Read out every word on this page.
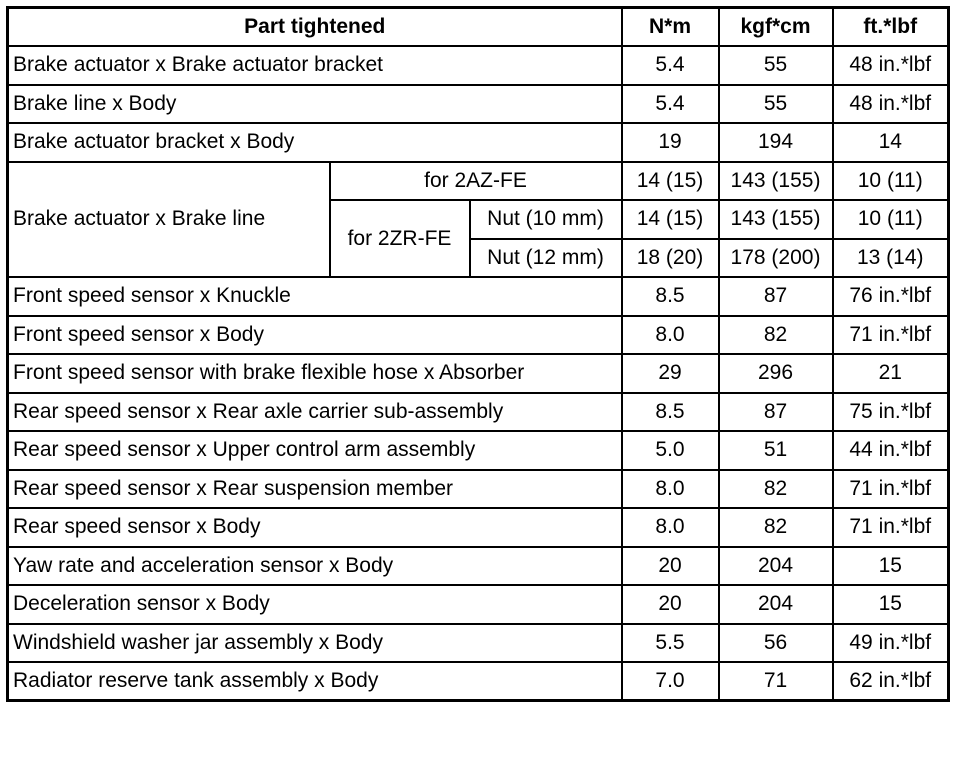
Part tightened			N*m	kgf*cm	ft.*lbf
Brake actuator x Brake actuator bracket			5.4	55	48 in.*lbf
Brake line x Body			5.4	55	48 in.*lbf
Brake actuator bracket x Body			19	194	14
Brake actuator x Brake line	for 2AZ-FE		14 (15)	143 (155)	10 (11)
	for 2ZR-FE	Nut (10 mm)	14 (15)	143 (155)	10 (11)
		Nut (12 mm)	18 (20)	178 (200)	13 (14)
Front speed sensor x Knuckle			8.5	87	76 in.*lbf
Front speed sensor x Body			8.0	82	71 in.*lbf
Front speed sensor with brake flexible hose x Absorber			29	296	21
Rear speed sensor x Rear axle carrier sub-assembly			8.5	87	75 in.*lbf
Rear speed sensor x Upper control arm assembly			5.0	51	44 in.*lbf
Rear speed sensor x Rear suspension member			8.0	82	71 in.*lbf
Rear speed sensor x Body			8.0	82	71 in.*lbf
Yaw rate and acceleration sensor x Body			20	204	15
Deceleration sensor x Body			20	204	15
Windshield washer jar assembly x Body			5.5	56	49 in.*lbf
Radiator reserve tank assembly x Body			7.0	71	62 in.*lbf
